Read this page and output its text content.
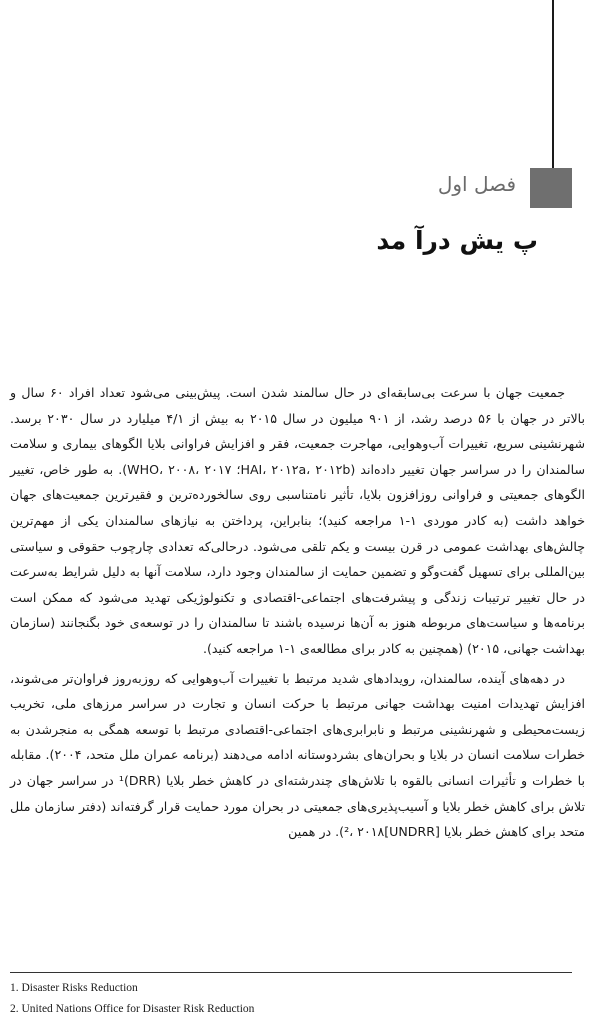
فصل اول
پ یش درآ مد

جمعیت جهان با سرعت بی‌سابقه‌ای در حال سالمند شدن است. پیش‌بینی می‌شود تعداد افراد ۶۰ سال و بالاتر در جهان با ۵۶ درصد رشد، از ۹۰۱ میلیون در سال ۲۰۱۵ به بیش از ۴/۱ میلیارد در سال ۲۰۳۰ برسد. شهرنشینی سریع، تغییرات آب‌وهوایی، مهاجرت جمعیت، فقر و افزایش فراوانی بلایا الگوهای بیماری و سلامت سالمندان را در سراسر جهان تغییر داده‌اند (HAI، ۲۰۱۲a، ۲۰۱۲b؛ WHO، ۲۰۰۸، ۲۰۱۷). به طور خاص، تغییر الگوهای جمعیتی و فراوانی روزافزون بلایا، تأثیر نامتناسبی روی سالخورده‌ترین و فقیرترین جمعیت‌های جهان خواهد داشت (به کادر موردی ۱-۱ مراجعه کنید)؛ بنابراین، پرداختن به نیازهای سالمندان یکی از مهم‌ترین چالش‌های بهداشت عمومی در قرن بیست و یکم تلقی می‌شود. درحالی‌که تعدادی چارچوب حقوقی و سیاستی بین‌المللی برای تسهیل گفت‌وگو و تضمین حمایت از سالمندان وجود دارد، سلامت آنها به دلیل شرایط به‌سرعت در حال تغییر ترتیبات زندگی و پیشرفت‌های اجتماعی-اقتصادی و تکنولوژیکی تهدید می‌شود که ممکن است برنامه‌ها و سیاست‌های مربوطه هنوز به آن‌ها نرسیده باشند تا سالمندان را در توسعه‌ی خود بگنجانند (سازمان بهداشت جهانی، ۲۰۱۵) (همچنین به کادر برای مطالعه‌ی ۱-۱ مراجعه کنید).

در دهه‌های آینده، سالمندان، رویدادهای شدید مرتبط با تغییرات آب‌وهوایی که روزبه‌روز فراوان‌تر می‌شوند، افزایش تهدیدات امنیت بهداشت جهانی مرتبط با حرکت انسان و تجارت در سراسر مرزهای ملی، تخریب زیست‌محیطی و شهرنشینی مرتبط و نابرابری‌های اجتماعی-اقتصادی مرتبط با توسعه همگی به منجرشدن به خطرات سلامت انسان در بلایا و بحران‌های بشردوستانه ادامه می‌دهند (برنامه عمران ملل متحد، ۲۰۰۴). مقابله با خطرات و تأثیرات انسانی بالقوه با تلاش‌های چندرشته‌ای در کاهش خطر بلایا (DRR)¹ در سراسر جهان در تلاش برای کاهش خطر بلایا و آسیب‌پذیری‌های جمعیتی در بحران مورد حمایت قرار گرفته‌اند (دفتر سازمان ملل متحد برای کاهش خطر بلایا [UNDRR]²، ۲۰۱۸). در همین

1. Disaster Risks Reduction
2. United Nations Office for Disaster Risk Reduction
